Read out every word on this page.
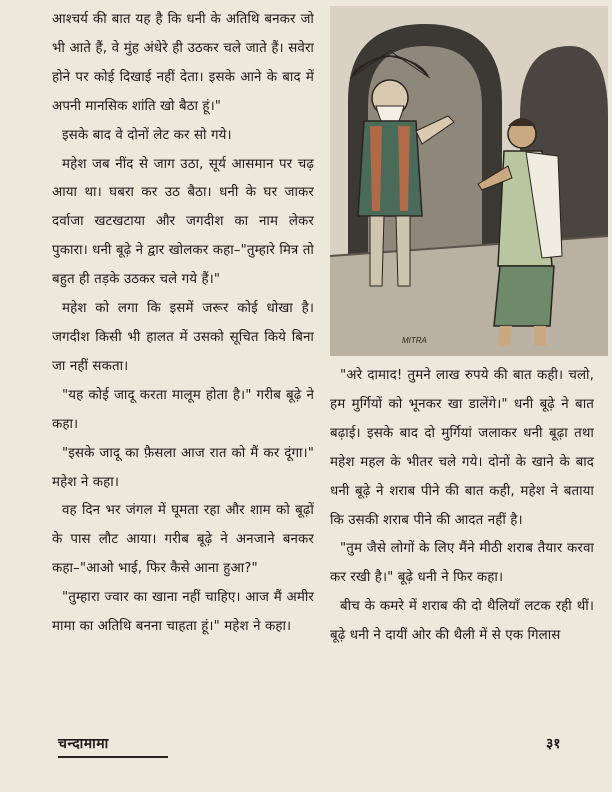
आश्चर्य की बात यह है कि धनी के अतिथि बनकर जो भी आते हैं, वे मुंह अंधेरे ही उठकर चले जाते हैं। सवेरा होने पर कोई दिखाई नहीं देता। इसके आने के बाद में अपनी मानसिक शांति खो बैठा हूं।"

इसके बाद वे दोनों लेट कर सो गये।

महेश जब नींद से जाग उठा, सूर्य आसमान पर चढ़ आया था। घबरा कर उठ बैठा। धनी के घर जाकर दर्वाजा खटखटाया और जगदीश का नाम लेकर पुकारा। धनी बूढ़े ने द्वार खोलकर कहा–"तुम्हारे मित्र तो बहुत ही तड़के उठकर चले गये हैं।"

महेश को लगा कि इसमें जरूर कोई धोखा है। जगदीश किसी भी हालत में उसको सूचित किये बिना जा नहीं सकता।

"यह कोई जादू करता मालूम होता है।" गरीब बूढ़े ने कहा।

"इसके जादू का फ़ैसला आज रात को मैं कर दूंगा।" महेश ने कहा।

वह दिन भर जंगल में घूमता रहा और शाम को बूढ़ों के पास लौट आया। गरीब बूढ़े ने अनजाने बनकर कहा–"आओ भाई, फिर कैसे आना हुआ?"

"तुम्हारा ज्वार का खाना नहीं चाहिए। आज मैं अमीर मामा का अतिथि बनना चाहता हूं।" महेश ने कहा।

MITRA

"अरे दामाद! तुमने लाख रुपये की बात कही। चलो, हम मुर्गियों को भूनकर खा डालेंगे।" धनी बूढ़े ने बात बढ़ाई। इसके बाद दो मुर्गियां जलाकर धनी बूढ़ा तथा महेश महल के भीतर चले गये। दोनों के खाने के बाद धनी बूढ़े ने शराब पीने की बात कही, महेश ने बताया कि उसकी शराब पीने की आदत नहीं है।

"तुम जैसे लोगों के लिए मैंने मीठी शराब तैयार करवा कर रखी है।" बूढ़े धनी ने फिर कहा।

बीच के कमरे में शराब की दो थैलियाँ लटक रही थीं। बूढ़े धनी ने दायीं ओर की थैली में से एक गिलास

चन्दामामा	३१
